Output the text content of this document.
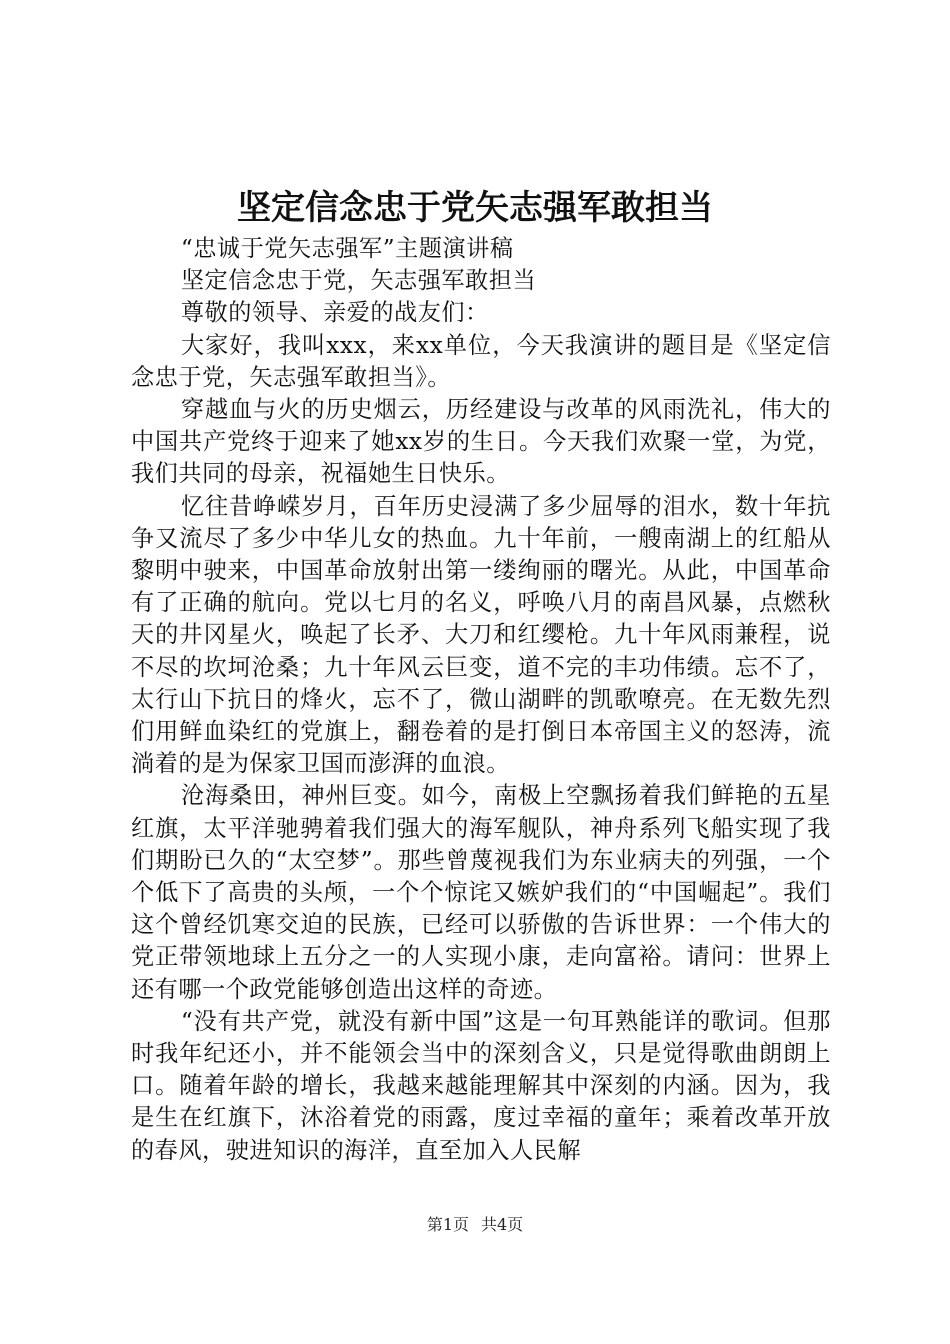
坚定信念忠于党矢志强军敢担当

“忠诚于党矢志强军”主题演讲稿

坚定信念忠于党，矢志强军敢担当

尊敬的领导、亲爱的战友们：

大家好，我叫xxx，来xx单位，今天我演讲的题目是《坚定信念忠于党，矢志强军敢担当》。

穿越血与火的历史烟云，历经建设与改革的风雨洗礼，伟大的中国共产党终于迎来了她xx岁的生日。今天我们欢聚一堂，为党，我们共同的母亲，祝福她生日快乐。

忆往昔峥嵘岁月，百年历史浸满了多少屈辱的泪水，数十年抗争又流尽了多少中华儿女的热血。九十年前，一艘南湖上的红船从黎明中驶来，中国革命放射出第一缕绚丽的曙光。从此，中国革命有了正确的航向。党以七月的名义，呼唤八月的南昌风暴，点燃秋天的井冈星火，唤起了长矛、大刀和红缨枪。九十年风雨兼程，说不尽的坎坷沧桑；九十年风云巨变，道不完的丰功伟绩。忘不了，太行山下抗日的烽火，忘不了，微山湖畔的凯歌嘹亮。在无数先烈们用鲜血染红的党旗上，翻卷着的是打倒日本帝国主义的怒涛，流淌着的是为保家卫国而澎湃的血浪。

沧海桑田，神州巨变。如今，南极上空飘扬着我们鲜艳的五星红旗，太平洋驰骋着我们强大的海军舰队，神舟系列飞船实现了我们期盼已久的“太空梦”。那些曾蔑视我们为东业病夫的列强，一个个低下了高贵的头颅，一个个惊诧又嫉妒我们的“中国崛起”。我们这个曾经饥寒交迫的民族，已经可以骄傲的告诉世界：一个伟大的党正带领地球上五分之一的人实现小康，走向富裕。请问：世界上还有哪一个政党能够创造出这样的奇迹。

“没有共产党，就没有新中国”这是一句耳熟能详的歌词。但那时我年纪还小，并不能领会当中的深刻含义，只是觉得歌曲朗朗上口。随着年龄的增长，我越来越能理解其中深刻的内涵。因为，我是生在红旗下，沐浴着党的雨露，度过幸福的童年；乘着改革开放的春风，驶进知识的海洋，直至加入人民解

第1页 共4页
